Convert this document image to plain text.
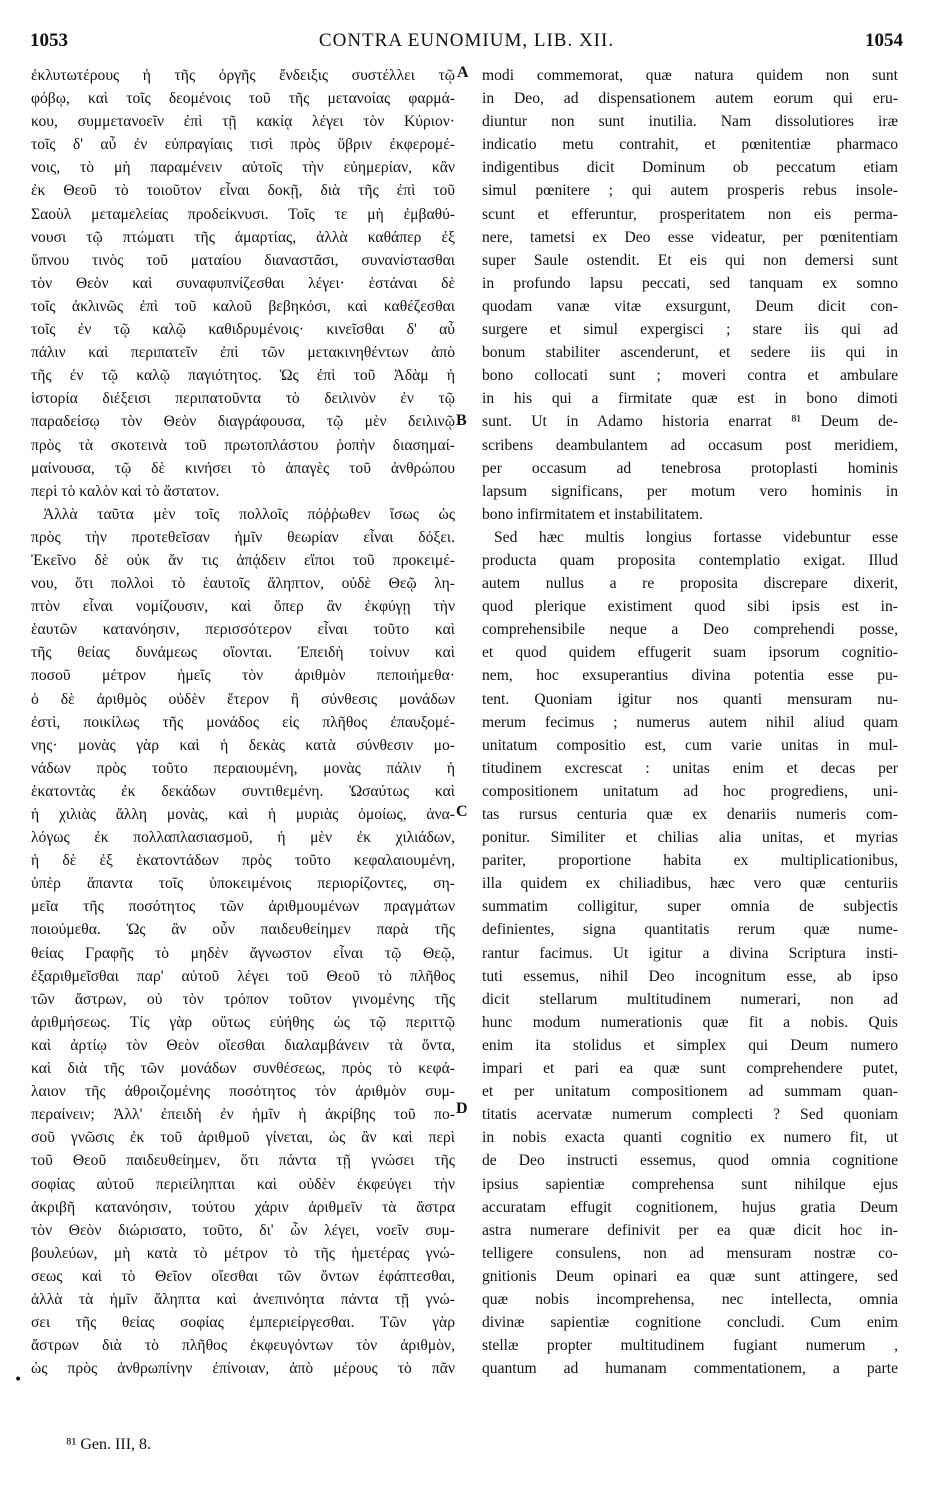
1053	CONTRA EUNOMIUM, LIB. XII.	1054
ἐκλυτωτέρους ἡ τῆς ὀργῆς ἔνδειξις συστέλλει τῷ
φόβῳ, καὶ τοῖς δεομένοις τοῦ τῆς μετανοίας φαρμά-
κου, συμμετανοεῖν ἐπὶ τῇ κακίᾳ λέγει τὸν Κύριον·
τοῖς δ' αὖ ἐν εὐπραγίαις τισὶ πρὸς ὕβριν ἐκφερομέ-
νοις, τὸ μὴ παραμένειν αὐτοῖς τὴν εὐημερίαν, κἂν
ἐκ Θεοῦ τὸ τοιοῦτον εἶναι δοκῇ, διὰ τῆς ἐπὶ τοῦ
Σαοὺλ μεταμελείας προδείκνυσι. Τοῖς τε μὴ ἐμβαθύ-
νουσι τῷ πτώματι τῆς ἁμαρτίας, ἀλλὰ καθάπερ ἐξ
ὕπνου τινὸς τοῦ ματαίου διαναστᾶσι, συνανίστασθαι
τὸν Θεὸν καὶ συναφυπνίζεσθαι λέγει· ἑστάναι δὲ
τοῖς ἀκλινῶς ἐπὶ τοῦ καλοῦ βεβηκόσι, καὶ καθέζεσθαι
τοῖς ἐν τῷ καλῷ καθιδρυμένοις· κινεῖσθαι δ' αὖ
πάλιν καὶ περιπατεῖν ἐπὶ τῶν μετακινηθέντων ἀπὸ
τῆς ἐν τῷ καλῷ παγιότητος. Ὡς ἐπὶ τοῦ Ἀδὰμ ἡ
ἱστορία διέξεισι περιπατοῦντα τὸ δειλινὸν ἐν τῷ
παραδείσῳ τὸν Θεὸν διαγράφουσα, τῷ μὲν δειλινῷ
πρὸς τὰ σκοτεινὰ τοῦ πρωτοπλάστου ῥοπὴν διασημαί-
μαίνουσα, τῷ δὲ κινήσει τὸ ἀπαγὲς τοῦ ἀνθρώπου
περὶ τὸ καλὸν καὶ τὸ ἄστατον.
Ἀλλὰ ταῦτα μὲν τοῖς πολλοῖς πόῤῥωθεν ἴσως ὡς
πρὸς τὴν προτεθεῖσαν ἡμῖν θεωρίαν εἶναι δόξει.
Ἐκεῖνο δὲ οὐκ ἄν τις ἀπᾴδειν εἴποι τοῦ προκειμέ-
νου, ὅτι πολλοὶ τὸ ἑαυτοῖς ἄληπτον, οὐδὲ Θεῷ λη-
πτὸν εἶναι νομίζουσιν, καὶ ὅπερ ἂν ἐκφύγῃ τὴν
ἑαυτῶν κατανόησιν, περισσότερον εἶναι τοῦτο καὶ
τῆς θείας δυνάμεως οἴονται. Ἐπειδὴ τοίνυν καὶ
ποσοῦ μέτρον ἡμεῖς τὸν ἀριθμὸν πεποιήμεθα·
ὁ δὲ ἀριθμὸς οὐδὲν ἕτερον ἢ σύνθεσις μονάδων
ἐστὶ, ποικίλως τῆς μονάδος εἰς πλῆθος ἐπαυξομέ-
νης· μονὰς γὰρ καὶ ἡ δεκὰς κατὰ σύνθεσιν μο-
νάδων πρὸς τοῦτο περαιουμένη, μονὰς πάλιν ἡ
ἑκατοντὰς ἐκ δεκάδων συντιθεμένη. Ὡσαύτως καὶ
ἡ χιλιὰς ἄλλη μονὰς, καὶ ἡ μυριὰς ὁμοίως, ἀνα-
λόγως ἐκ πολλαπλασιασμοῦ, ἡ μὲν ἐκ χιλιάδων,
ἡ δὲ ἐξ ἑκατοντάδων πρὸς τοῦτο κεφαλαιουμένη,
ὑπὲρ ἅπαντα τοῖς ὑποκειμένοις περιορίζοντες, ση-
μεῖα τῆς ποσότητος τῶν ἀριθμουμένων πραγμάτων
ποιούμεθα. Ὡς ἂν οὖν παιδευθείημεν παρὰ τῆς
θείας Γραφῆς τὸ μηδὲν ἄγνωστον εἶναι τῷ Θεῷ,
ἐξαριθμεῖσθαι παρ' αὐτοῦ λέγει τοῦ Θεοῦ τὸ πλῆθος
τῶν ἄστρων, οὐ τὸν τρόπον τοῦτον γινομένης τῆς
ἀριθμήσεως. Τίς γὰρ οὕτως εὐήθης ὡς τῷ περιττῷ
καὶ ἀρτίῳ τὸν Θεὸν οἴεσθαι διαλαμβάνειν τὰ ὄντα,
καὶ διὰ τῆς τῶν μονάδων συνθέσεως, πρὸς τὸ κεφά-
λαιον τῆς ἀθροιζομένης ποσότητος τὸν ἀριθμὸν συμ-
περαίνειν; Ἀλλ' ἐπειδὴ ἐν ἡμῖν ἡ ἀκρίβης τοῦ πο-
σοῦ γνῶσις ἐκ τοῦ ἀριθμοῦ γίνεται, ὡς ἂν καὶ περὶ
τοῦ Θεοῦ παιδευθείημεν, ὅτι πάντα τῇ γνώσει τῆς
σοφίας αὐτοῦ περιείληπται καὶ οὐδὲν ἐκφεύγει τὴν
ἀκριβῆ κατανόησιν, τούτου χάριν ἀριθμεῖν τὰ ἄστρα
τὸν Θεὸν διώρισατο, τοῦτο, δι' ὧν λέγει, νοεῖν συμ-
βουλεύων, μὴ κατὰ τὸ μέτρον τὸ τῆς ἡμετέρας γνώ-
σεως καὶ τὸ Θεῖον οἴεσθαι τῶν ὄντων ἐφάπτεσθαι,
ἀλλὰ τὰ ἡμῖν ἄληπτα καὶ ἀνεπινόητα πάντα τῇ γνώ-
σει τῆς θείας σοφίας ἐμπεριείργεσθαι. Τῶν γὰρ
ἄστρων διὰ τὸ πλῆθος ἐκφευγόντων τὸν ἀριθμὸν,
ὡς πρὸς ἀνθρωπίνην ἐπίνοιαν, ἀπὸ μέρους τὸ πᾶν
modi commemorat, quæ natura quidem non sunt
in Deo, ad dispensationem autem eorum qui eru-
diuntur non sunt inutilia. Nam dissolutiores iræ
indicatio metu contrahit, et pœnitentiæ pharmaco
indigentibus dicit Dominum ob peccatum etiam
simul pœnitere ; qui autem prosperis rebus insole-
scunt et efferuntur, prosperitatem non eis perma-
nere, tametsi ex Deo esse videatur, per pœnitentiam
super Saule ostendit. Et eis qui non demersi sunt
in profundo lapsu peccati, sed tanquam ex somno
quodam vanæ vitæ exsurgunt, Deum dicit con-
surgere et simul expergisci ; stare iis qui ad
bonum stabiliter ascenderunt, et sedere iis qui in
bono collocati sunt ; moveri contra et ambulare
in his qui a firmitate quæ est in bono dimoti
sunt. Ut in Adamo historia enarrat ⁸¹ Deum de-
scribens deambulantem ad occasum post meridiem,
per occasum ad tenebrosa protoplasti hominis
lapsum significans, per motum vero hominis in
bono infirmitatem et instabilitatem.
Sed hæc multis longius fortasse videbuntur esse
producta quam proposita contemplatio exigat. Illud
autem nullus a re proposita discrepare dixerit,
quod plerique existiment quod sibi ipsis est in-
comprehensibile neque a Deo comprehendi posse,
et quod quidem effugerit suam ipsorum cognitio-
nem, hoc exsuperantius divina potentia esse pu-
tent. Quoniam igitur nos quanti mensuram nu-
merum fecimus ; numerus autem nihil aliud quam
unitatum compositio est, cum varie unitas in mul-
titudinem excrescat : unitas enim et decas per
compositionem unitatum ad hoc progrediens, uni-
tas rursus centuria quæ ex denariis numeris com-
ponitur. Similiter et chilias alia unitas, et myrias
pariter, proportione habita ex multiplicationibus,
illa quidem ex chiliadibus, hæc vero quæ centuriis
summatim colligitur, super omnia de subjectis
definientes, signa quantitatis rerum quæ nume-
rantur facimus. Ut igitur a divina Scriptura insti-
tuti essemus, nihil Deo incognitum esse, ab ipso
dicit stellarum multitudinem numerari, non ad
hunc modum numerationis quæ fit a nobis. Quis
enim ita stolidus et simplex qui Deum numero
impari et pari ea quæ sunt comprehendere putet,
et per unitatum compositionem ad summam quan-
titatis acervatæ numerum complecti ? Sed quoniam
in nobis exacta quanti cognitio ex numero fit, ut
de Deo instructi essemus, quod omnia cognitione
ipsius sapientiæ comprehensa sunt nihilque ejus
accuratam effugit cognitionem, hujus gratia Deum
astra numerare definivit per ea quæ dicit hoc in-
telligere consulens, non ad mensuram nostræ co-
gnitionis Deum opinari ea quæ sunt attingere, sed
quæ nobis incomprehensa, nec intellecta, omnia
divinæ sapientiæ cognitione concludi. Cum enim
stellæ propter multitudinem fugiant numerum ,
quantum ad humanam commentationem, a parte
A
B
C
D
•
⁸¹ Gen. III, 8.
